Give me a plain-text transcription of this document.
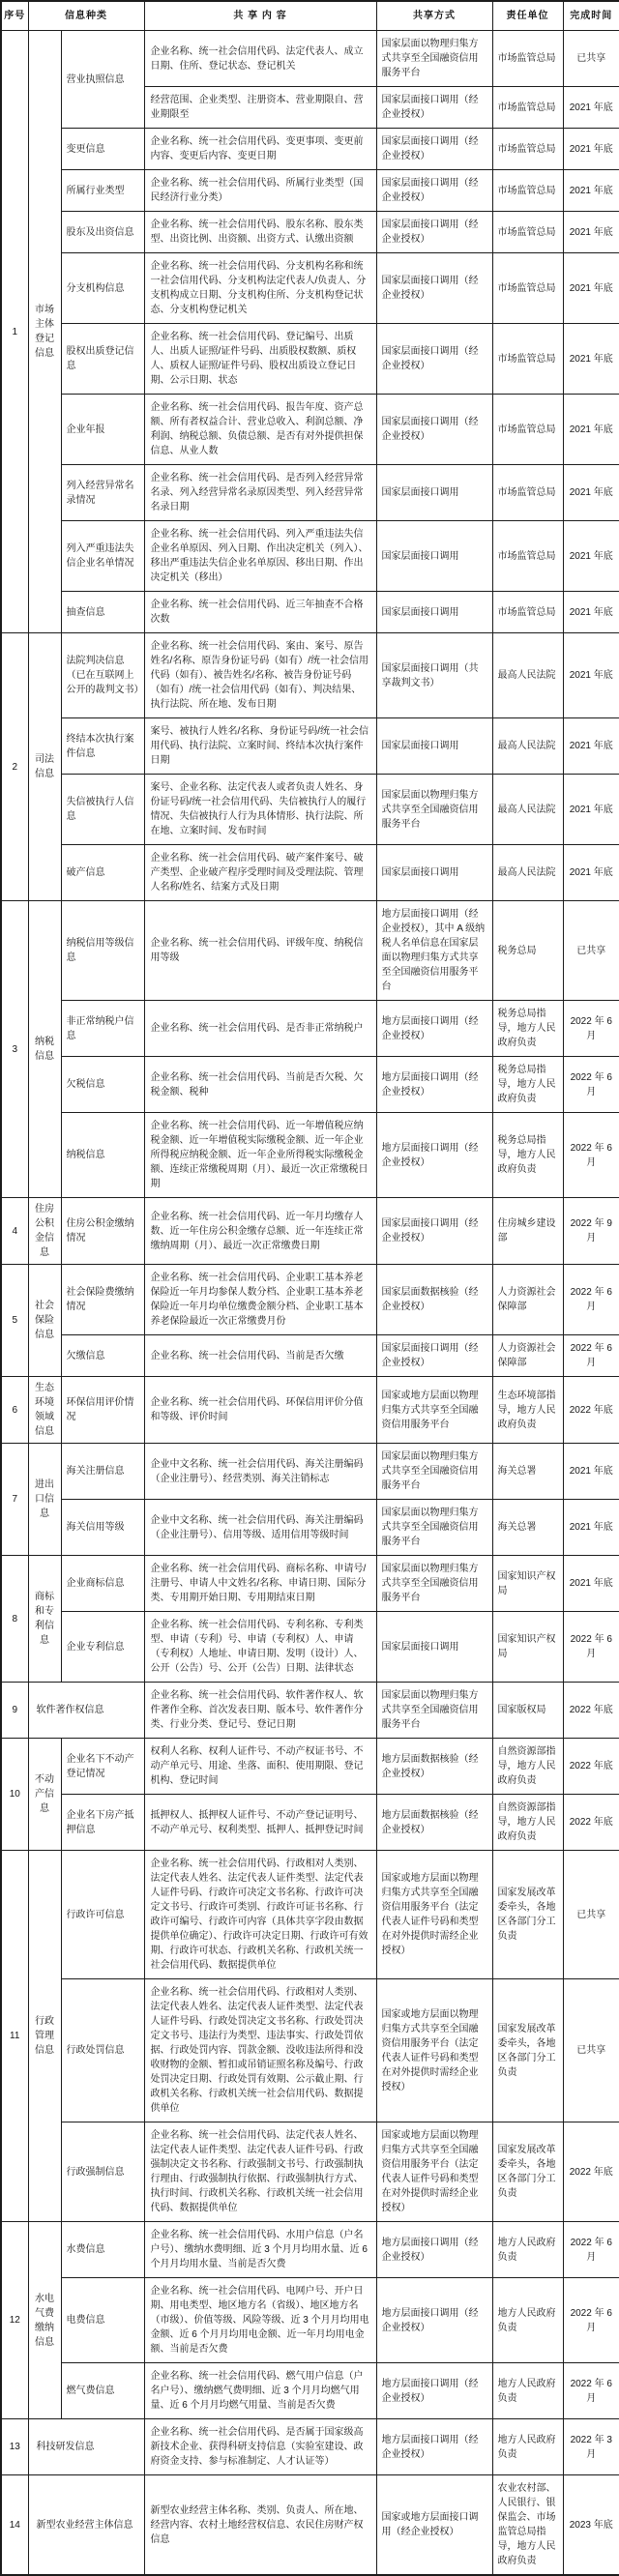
序号	信息种类		共 享 内 容	共享方式	责任单位	完成时间
1	市场主体登记信息	营业执照信息	企业名称、统一社会信用代码、法定代表人、成立日期、住所、登记状态、登记机关	国家层面以物理归集方式共享至全国融资信用服务平台	市场监管总局	已共享
			经营范围、企业类型、注册资本、营业期限自、营业期限至	国家层面接口调用（经企业授权）	市场监管总局	2021 年底
		变更信息	企业名称、统一社会信用代码、变更事项、变更前内容、变更后内容、变更日期	国家层面接口调用（经企业授权）	市场监管总局	2021 年底
		所属行业类型	企业名称、统一社会信用代码、所属行业类型（国民经济行业分类）	国家层面接口调用（经企业授权）	市场监管总局	2021 年底
		股东及出资信息	企业名称、统一社会信用代码、股东名称、股东类型、出资比例、出资额、出资方式、认缴出资额	国家层面接口调用（经企业授权）	市场监管总局	2021 年底
		分支机构信息	企业名称、统一社会信用代码、分支机构名称和统一社会信用代码、分支机构法定代表人/负责人、分支机构成立日期、分支机构住所、分支机构登记状态、分支机构登记机关	国家层面接口调用（经企业授权）	市场监管总局	2021 年底
		股权出质登记信息	企业名称、统一社会信用代码、登记编号、出质人、出质人证照/证件号码、出质股权数额、质权人、质权人证照/证件号码、股权出质设立登记日期、公示日期、状态	国家层面接口调用（经企业授权）	市场监管总局	2021 年底
		企业年报	企业名称、统一社会信用代码、报告年度、资产总额、所有者权益合计、营业总收入、利润总额、净利润、纳税总额、负债总额、是否有对外提供担保信息、从业人数	国家层面接口调用（经企业授权）	市场监管总局	2021 年底
		列入经营异常名录情况	企业名称、统一社会信用代码、是否列入经营异常名录、列入经营异常名录原因类型、列入经营异常名录日期	国家层面接口调用	市场监管总局	2021 年底
		列入严重违法失信企业名单情况	企业名称、统一社会信用代码、列入严重违法失信企业名单原因、列入日期、作出决定机关（列入）、移出严重违法失信企业名单原因、移出日期、作出决定机关（移出）	国家层面接口调用	市场监管总局	2021 年底
		抽查信息	企业名称、统一社会信用代码、近三年抽查不合格次数	国家层面接口调用	市场监管总局	2021 年底
2	司法信息	法院判决信息（已在互联网上公开的裁判文书）	企业名称、统一社会信用代码、案由、案号、原告姓名/名称、原告身份证号码（如有）/统一社会信用代码（如有）、被告姓名/名称、被告身份证号码（如有）/统一社会信用代码（如有）、判决结果、执行法院、所在地、发布日期	国家层面接口调用（共享裁判文书）	最高人民法院	2021 年底
		终结本次执行案件信息	案号、被执行人姓名/名称、身份证号码/统一社会信用代码、执行法院、立案时间、终结本次执行案件日期	国家层面接口调用	最高人民法院	2021 年底
		失信被执行人信息	案号、企业名称、法定代表人或者负责人姓名、身份证号码/统一社会信用代码、失信被执行人的履行情况、失信被执行人行为具体情形、执行法院、所在地、立案时间、发布时间	国家层面以物理归集方式共享至全国融资信用服务平台	最高人民法院	2021 年底
		破产信息	企业名称、统一社会信用代码、破产案件案号、破产类型、企业破产程序受理时间及受理法院、管理人名称/姓名、结案方式及日期	国家层面接口调用	最高人民法院	2021 年底
3	纳税信息	纳税信用等级信息	企业名称、统一社会信用代码、评级年度、纳税信用等级	地方层面接口调用（经企业授权），其中 A 级纳税人名单信息在国家层面以物理归集方式共享至全国融资信用服务平台	税务总局	已共享
		非正常纳税户信息	企业名称、统一社会信用代码、是否非正常纳税户	地方层面接口调用（经企业授权）	税务总局指导，地方人民政府负责	2022 年 6 月
		欠税信息	企业名称、统一社会信用代码、当前是否欠税、欠税金额、税种	地方层面接口调用（经企业授权）	税务总局指导，地方人民政府负责	2022 年 6 月
		纳税信息	企业名称、统一社会信用代码、近一年增值税应纳税金额、近一年增值税实际缴税金额、近一年企业所得税应纳税金额、近一年企业所得税实际缴税金额、连续正常缴税周期（月）、最近一次正常缴税日期	地方层面接口调用（经企业授权）	税务总局指导，地方人民政府负责	2022 年 6 月
4	住房公积金信息	住房公积金缴纳情况	企业名称、统一社会信用代码、近一年月均缴存人数、近一年住房公积金缴存总额、近一年连续正常缴纳周期（月）、最近一次正常缴费日期	国家层面接口调用（经企业授权）	住房城乡建设部	2022 年 9 月
5	社会保险信息	社会保险费缴纳情况	企业名称、统一社会信用代码、企业职工基本养老保险近一年月均参保人数分档、企业职工基本养老保险近一年月均单位缴费金额分档、企业职工基本养老保险最近一次正常缴费月份	国家层面数据核验（经企业授权）	人力资源社会保障部	2022 年 6 月
		欠缴信息	企业名称、统一社会信用代码、当前是否欠缴	国家层面接口调用（经企业授权）	人力资源社会保障部	2022 年 6 月
6	生态环境领域信息	环保信用评价情况	企业名称、统一社会信用代码、环保信用评价分值和等级、评价时间	国家或地方层面以物理归集方式共享至全国融资信用服务平台	生态环境部指导，地方人民政府负责	2022 年底
7	进出口信息	海关注册信息	企业中文名称、统一社会信用代码、海关注册编码（企业注册号）、经营类别、海关注销标志	国家层面以物理归集方式共享至全国融资信用服务平台	海关总署	2021 年底
		海关信用等级	企业中文名称、统一社会信用代码、海关注册编码（企业注册号）、信用等级、适用信用等级时间	国家层面以物理归集方式共享至全国融资信用服务平台	海关总署	2021 年底
8	商标和专利信息	企业商标信息	企业名称、统一社会信用代码、商标名称、申请号/注册号、申请人中文姓名/名称、申请日期、国际分类、专用期开始日期、专用期结束日期	国家层面以物理归集方式共享至全国融资信用服务平台	国家知识产权局	2021 年底
		企业专利信息	企业名称、统一社会信用代码、专利名称、专利类型、申请（专利）号、申请（专利权）人、申请（专利权）人地址、申请日期、发明（设计）人、公开（公告）号、公开（公告）日期、法律状态	国家层面接口调用	国家知识产权局	2022 年 6 月
9	软件著作权信息		企业名称、统一社会信用代码、软件著作权人、软件著作全称、首次发表日期、版本号、软件著作分类、行业分类、登记号、登记日期	国家层面以物理归集方式共享至全国融资信用服务平台	国家版权局	2022 年底
10	不动产信息	企业名下不动产登记情况	权利人名称、权利人证件号、不动产权证书号、不动产单元号、用途、坐落、面积、使用期限、登记机构、登记时间	地方层面数据核验（经企业授权）	自然资源部指导，地方人民政府负责	2022 年底
		企业名下房产抵押信息	抵押权人、抵押权人证件号、不动产登记证明号、不动产单元号、权利类型、抵押人、抵押登记时间	地方层面数据核验（经企业授权）	自然资源部指导，地方人民政府负责	2022 年底
11	行政管理信息	行政许可信息	企业名称、统一社会信用代码、行政相对人类别、法定代表人姓名、法定代表人证件类型、法定代表人证件号码、行政许可决定文书名称、行政许可决定文书号、行政许可类别、行政许可证书名称、行政许可编号、行政许可内容（具体共享字段由数据提供单位确定）、行政许可决定日期、行政许可有效期、行政许可状态、行政机关名称、行政机关统一社会信用代码、数据提供单位	国家或地方层面以物理归集方式共享至全国融资信用服务平台（法定代表人证件号码和类型在对外提供时需经企业授权）	国家发展改革委牵头，各地区各部门分工负责	已共享
		行政处罚信息	企业名称、统一社会信用代码、行政相对人类别、法定代表人姓名、法定代表人证件类型、法定代表人证件号码、行政处罚决定文书名称、行政处罚决定文书号、违法行为类型、违法事实、行政处罚依据、行政处罚内容、罚款金额、没收违法所得和没收财物的金额、暂扣或吊销证照名称及编号、行政处罚决定日期、行政处罚有效期、公示截止期、行政机关名称、行政机关统一社会信用代码、数据提供单位	国家或地方层面以物理归集方式共享至全国融资信用服务平台（法定代表人证件号码和类型在对外提供时需经企业授权）	国家发展改革委牵头，各地区各部门分工负责	已共享
		行政强制信息	企业名称、统一社会信用代码、法定代表人姓名、法定代表人证件类型、法定代表人证件号码、行政强制决定文书名称、行政强制文书号、行政强制执行理由、行政强制执行依据、行政强制执行方式、执行时间、行政机关名称、行政机关统一社会信用代码、数据提供单位	国家或地方层面以物理归集方式共享至全国融资信用服务平台（法定代表人证件号码和类型在对外提供时需经企业授权）	国家发展改革委牵头，各地区各部门分工负责	2022 年底
12	水电气费缴纳信息	水费信息	企业名称、统一社会信用代码、水用户信息（户名户号）、缴纳水费明细、近 3 个月月均用水量、近 6 个月月均用水量、当前是否欠费	地方层面接口调用（经企业授权）	地方人民政府负责	2022 年 6 月
		电费信息	企业名称、统一社会信用代码、电网户号、开户日期、用电类型、地区地方名（省级）、地区地方名（市级）、价值等级、风险等级、近 3 个月月均用电金额、近 6 个月月均用电金额、近一年月均用电金额、当前是否欠费	地方层面接口调用（经企业授权）	地方人民政府负责	2022 年 6 月
		燃气费信息	企业名称、统一社会信用代码、燃气用户信息（户名户号）、缴纳燃气费明细、近 3 个月月均燃气用量、近 6 个月月均燃气用量、当前是否欠费	地方层面接口调用（经企业授权）	地方人民政府负责	2022 年 6 月
13	科技研发信息		企业名称、统一社会信用代码、是否属于国家级高新技术企业、获得科研支持信息（实验室建设、政府资金支持、参与标准制定、人才认证等）	地方层面接口调用（经企业授权）	地方人民政府负责	2022 年 3 月
14	新型农业经营主体信息		新型农业经营主体名称、类别、负责人、所在地、经营内容、农村土地经营权信息、农民住房财产权信息	国家或地方层面接口调用（经企业授权）	农业农村部、人民银行、银保监会、市场监管总局指导，地方人民政府负责	2023 年底
